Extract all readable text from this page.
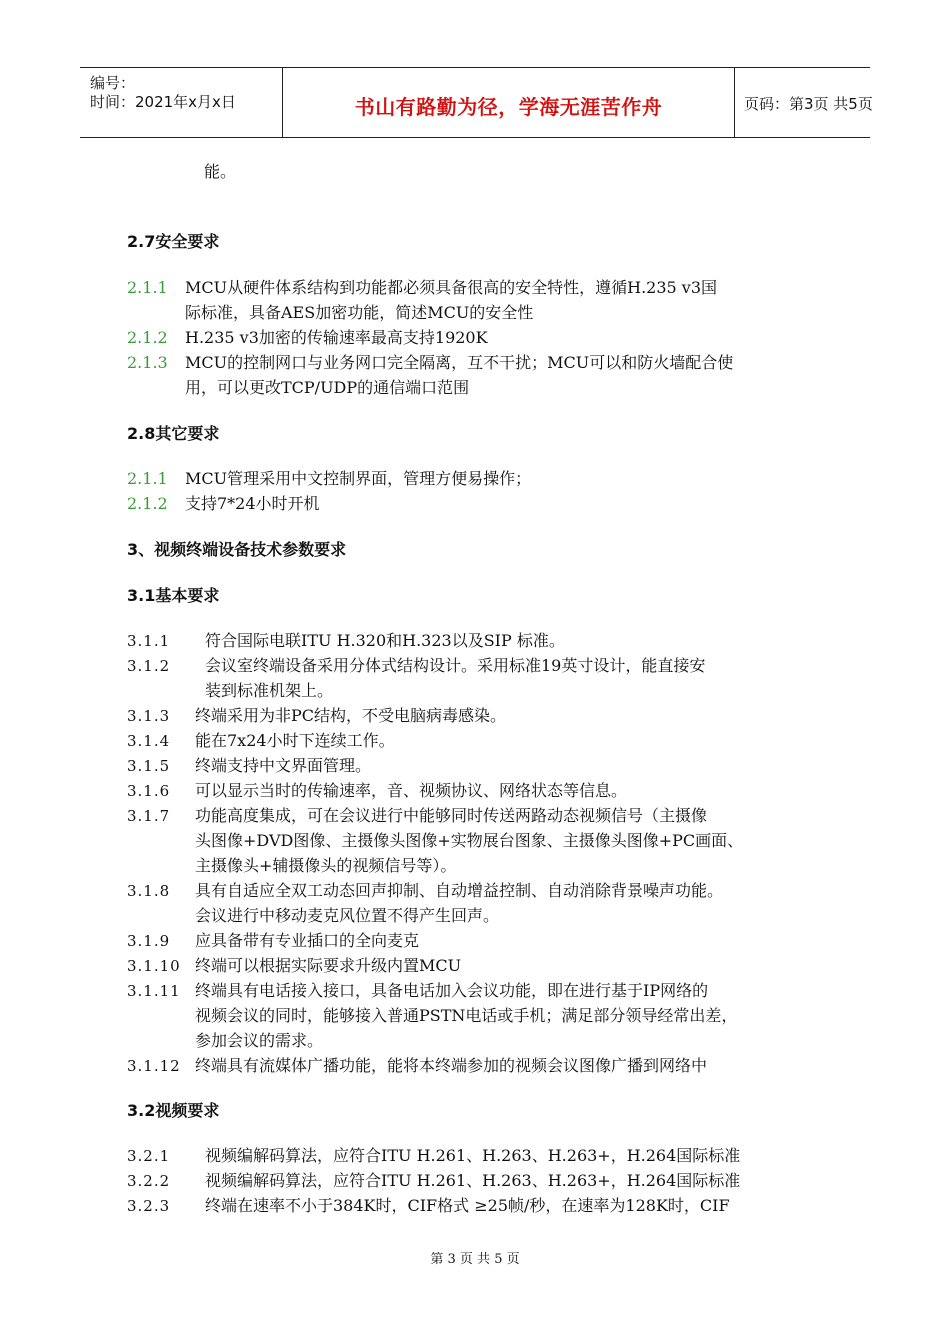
编号：
时间：2021年x月x日	书山有路勤为径，学海无涯苦作舟	页码：第3页 共5页
能。
2.7安全要求
2.1.1 MCU从硬件体系结构到功能都必须具备很高的安全特性，遵循H.235 v3国
际标准，具备AES加密功能，简述MCU的安全性
2.1.2 H.235 v3加密的传输速率最高支持1920K
2.1.3 MCU的控制网口与业务网口完全隔离，互不干扰；MCU可以和防火墙配合使
用，可以更改TCP/UDP的通信端口范围
2.8其它要求
2.1.1 MCU管理采用中文控制界面，管理方便易操作；
2.1.2 支持7*24小时开机
3、视频终端设备技术参数要求
3.1基本要求
3.1.1 符合国际电联ITU H.320和H.323以及SIP 标准。
3.1.2 会议室终端设备采用分体式结构设计。采用标准19英寸设计，能直接安
装到标准机架上。
3.1.3 终端采用为非PC结构，不受电脑病毒感染。
3.1.4 能在7x24小时下连续工作。
3.1.5 终端支持中文界面管理。
3.1.6 可以显示当时的传输速率，音、视频协议、网络状态等信息。
3.1.7 功能高度集成，可在会议进行中能够同时传送两路动态视频信号（主摄像
头图像+DVD图像、主摄像头图像+实物展台图象、主摄像头图像+PC画面、
主摄像头+辅摄像头的视频信号等）。
3.1.8 具有自适应全双工动态回声抑制、自动增益控制、自动消除背景噪声功能。
会议进行中移动麦克风位置不得产生回声。
3.1.9 应具备带有专业插口的全向麦克
3.1.10 终端可以根据实际要求升级内置MCU
3.1.11 终端具有电话接入接口，具备电话加入会议功能，即在进行基于IP网络的
视频会议的同时，能够接入普通PSTN电话或手机；满足部分领导经常出差，
参加会议的需求。
3.1.12 终端具有流媒体广播功能，能将本终端参加的视频会议图像广播到网络中
3.2视频要求
3.2.1 视频编解码算法，应符合ITU H.261、H.263、H.263+，H.264国际标准
3.2.2 视频编解码算法，应符合ITU H.261、H.263、H.263+，H.264国际标准
3.2.3 终端在速率不小于384K时，CIF格式 ≥25帧/秒，在速率为128K时，CIF
第 3 页 共 5 页
